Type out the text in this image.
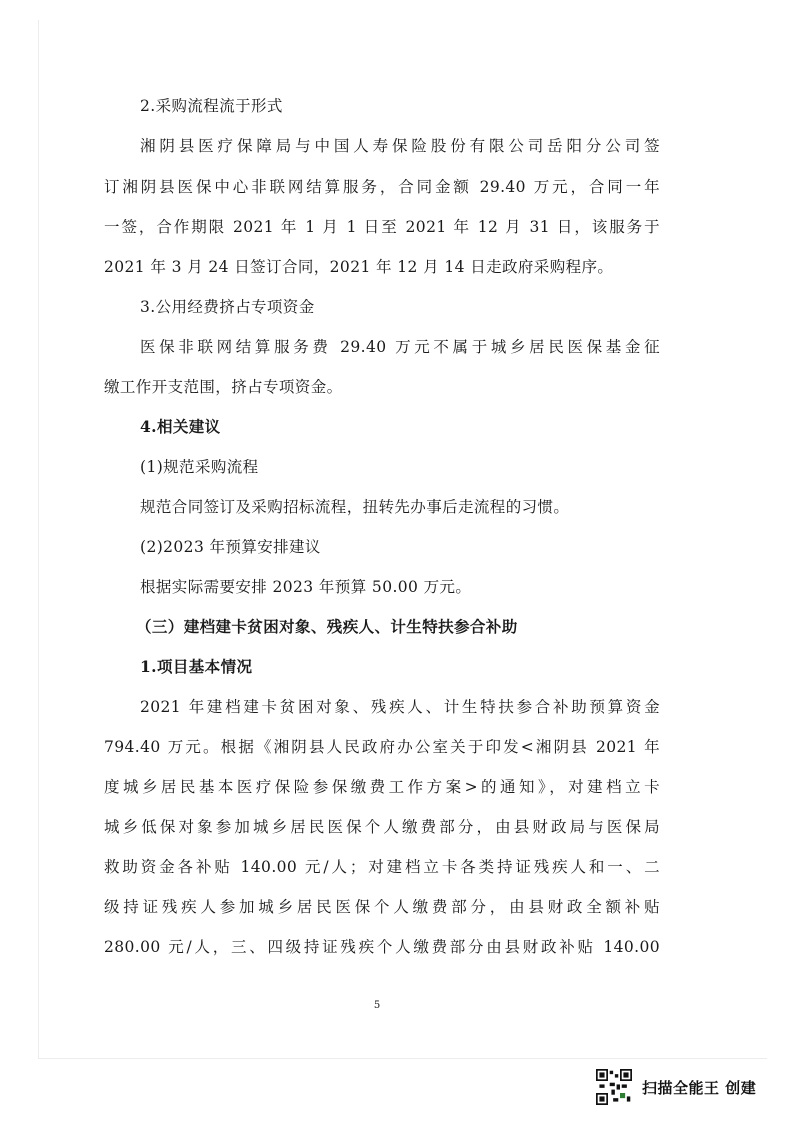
2.采购流程流于形式
湘阴县医疗保障局与中国人寿保险股份有限公司岳阳分公司签
订湘阴县医保中心非联网结算服务，合同金额 29.40 万元，合同一年
一签，合作期限 2021 年 1 月 1 日至 2021 年 12 月 31 日，该服务于
2021 年 3 月 24 日签订合同，2021 年 12 月 14 日走政府采购程序。
3.公用经费挤占专项资金
医保非联网结算服务费 29.40 万元不属于城乡居民医保基金征
缴工作开支范围，挤占专项资金。
4.相关建议
(1)规范采购流程
规范合同签订及采购招标流程，扭转先办事后走流程的习惯。
(2)2023 年预算安排建议
根据实际需要安排 2023 年预算 50.00 万元。
（三）建档建卡贫困对象、残疾人、计生特扶参合补助
1.项目基本情况
2021 年建档建卡贫困对象、残疾人、计生特扶参合补助预算资金
794.40 万元。根据《湘阴县人民政府办公室关于印发<湘阴县 2021 年
度城乡居民基本医疗保险参保缴费工作方案>的通知》，对建档立卡
城乡低保对象参加城乡居民医保个人缴费部分，由县财政局与医保局
救助资金各补贴 140.00 元/人；对建档立卡各类持证残疾人和一、二
级持证残疾人参加城乡居民医保个人缴费部分，由县财政全额补贴
280.00 元/人，三、四级持证残疾个人缴费部分由县财政补贴 140.00
5
扫描全能王 创建
